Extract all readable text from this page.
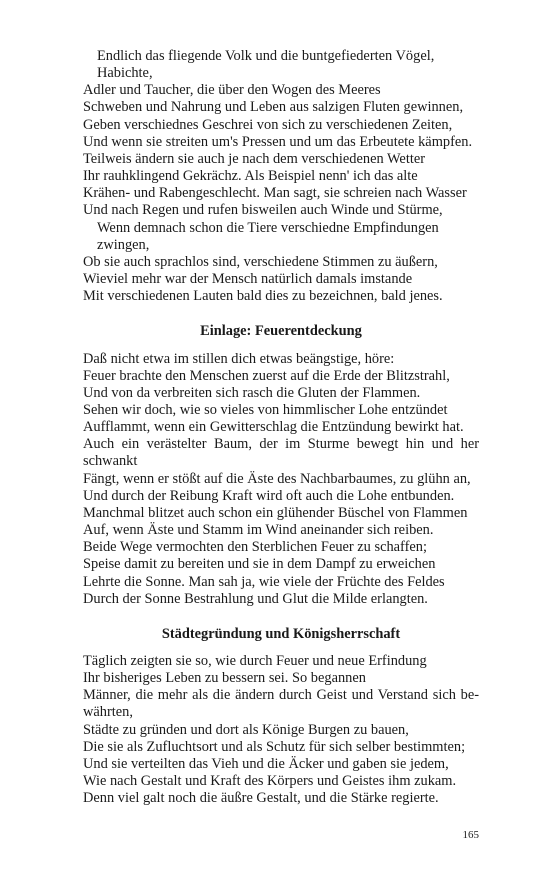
Endlich das fliegende Volk und die buntgefiederten Vögel,
Habichte,
Adler und Taucher, die über den Wogen des Meeres
Schweben und Nahrung und Leben aus salzigen Fluten gewinnen,
Geben verschiednes Geschrei von sich zu verschiedenen Zeiten,
Und wenn sie streiten um's Pressen und um das Erbeutete kämpfen.
Teilweis ändern sie auch je nach dem verschiedenen Wetter
Ihr rauhklingend Gekrächz. Als Beispiel nenn' ich das alte
Krähen- und Rabengeschlecht. Man sagt, sie schreien nach Wasser
Und nach Regen und rufen bisweilen auch Winde und Stürme,
Wenn demnach schon die Tiere verschiedne Empfindungen
zwingen,
Ob sie auch sprachlos sind, verschiedene Stimmen zu äußern,
Wieviel mehr war der Mensch natürlich damals imstande
Mit verschiedenen Lauten bald dies zu bezeichnen, bald jenes.
Einlage: Feuerentdeckung
Daß nicht etwa im stillen dich etwas beängstige, höre:
Feuer brachte den Menschen zuerst auf die Erde der Blitzstrahl,
Und von da verbreiten sich rasch die Gluten der Flammen.
Sehen wir doch, wie so vieles von himmlischer Lohe entzündet
Aufflammt, wenn ein Gewitterschlag die Entzündung bewirkt hat.
Auch ein verästelter Baum, der im Sturme bewegt hin und her
schwankt
Fängt, wenn er stößt auf die Äste des Nachbarbaumes, zu glühn an,
Und durch der Reibung Kraft wird oft auch die Lohe entbunden.
Manchmal blitzet auch schon ein glühender Büschel von Flammen
Auf, wenn Äste und Stamm im Wind aneinander sich reiben.
Beide Wege vermochten den Sterblichen Feuer zu schaffen;
Speise damit zu bereiten und sie in dem Dampf zu erweichen
Lehrte die Sonne. Man sah ja, wie viele der Früchte des Feldes
Durch der Sonne Bestrahlung und Glut die Milde erlangten.
Städtegründung und Königsherrschaft
Täglich zeigten sie so, wie durch Feuer und neue Erfindung
Ihr bisheriges Leben zu bessern sei. So begannen
Männer, die mehr als die ändern durch Geist und Verstand sich be-
währten,
Städte zu gründen und dort als Könige Burgen zu bauen,
Die sie als Zufluchtsort und als Schutz für sich selber bestimmten;
Und sie verteilten das Vieh und die Äcker und gaben sie jedem,
Wie nach Gestalt und Kraft des Körpers und Geistes ihm zukam.
Denn viel galt noch die äußre Gestalt, und die Stärke regierte.
165
